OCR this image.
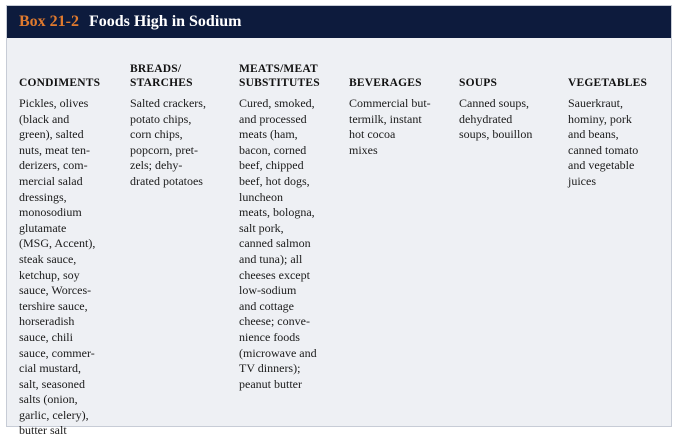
Box 21-2 Foods High in Sodium
CONDIMENTS
Pickles, olives
(black and
green), salted
nuts, meat ten-
derizers, com-
mercial salad
dressings,
monosodium
glutamate
(MSG, Accent),
steak sauce,
ketchup, soy
sauce, Worces-
tershire sauce,
horseradish
sauce, chili
sauce, commer-
cial mustard,
salt, seasoned
salts (onion,
garlic, celery),
butter salt
BREADS/
STARCHES
Salted crackers,
potato chips,
corn chips,
popcorn, pret-
zels; dehy-
drated potatoes
MEATS/MEAT
SUBSTITUTES
Cured, smoked,
and processed
meats (ham,
bacon, corned
beef, chipped
beef, hot dogs,
luncheon
meats, bologna,
salt pork,
canned salmon
and tuna); all
cheeses except
low-sodium
and cottage
cheese; conve-
nience foods
(microwave and
TV dinners);
peanut butter
BEVERAGES
Commercial but-
termilk, instant
hot cocoa
mixes
SOUPS
Canned soups,
dehydrated
soups, bouillon
VEGETABLES
Sauerkraut,
hominy, pork
and beans,
canned tomato
and vegetable
juices
